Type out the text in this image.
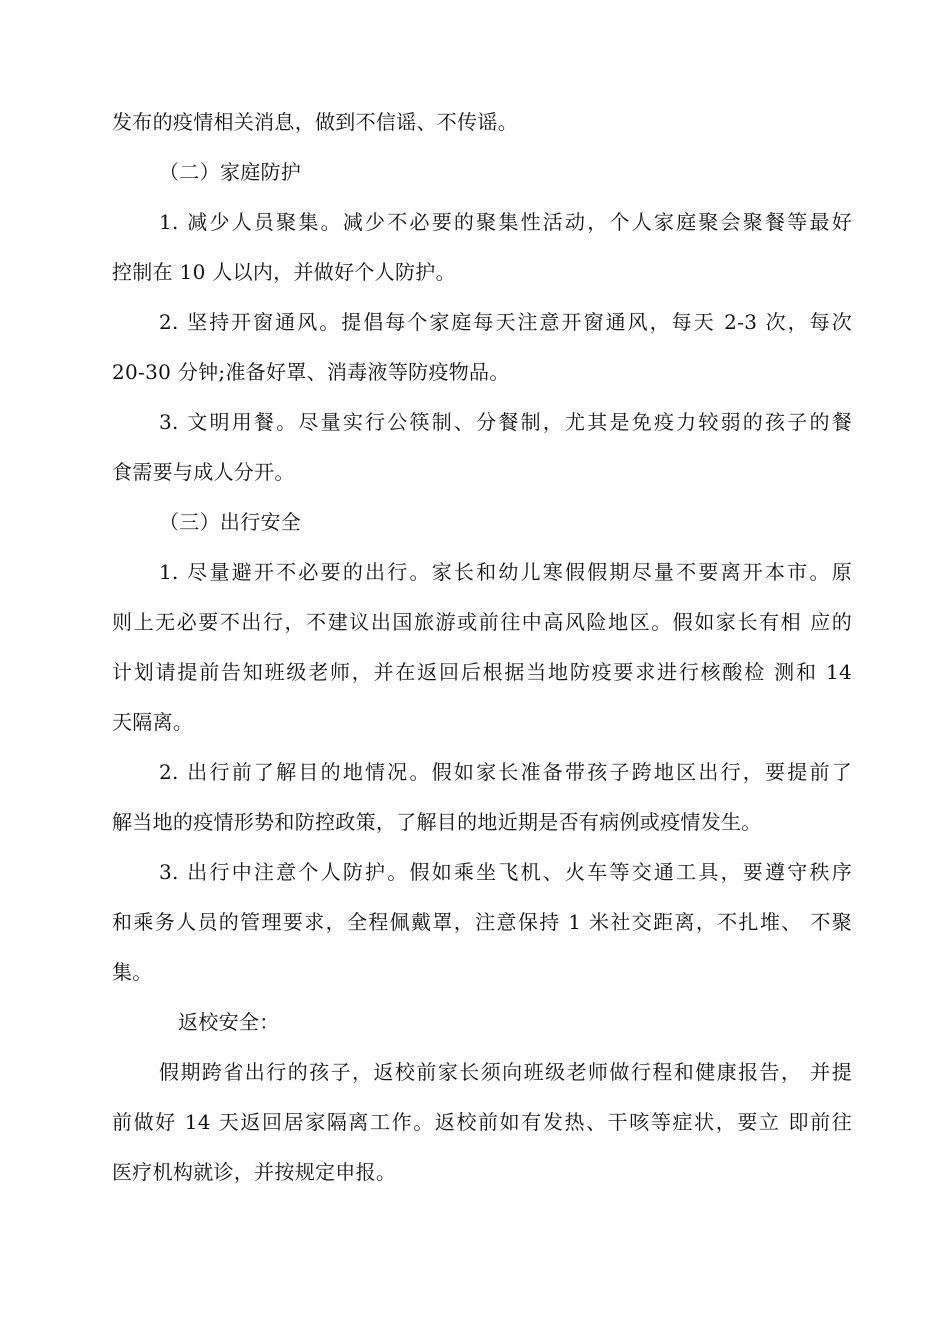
发布的疫情相关消息，做到不信谣、不传谣。
（二）家庭防护
1. 减少人员聚集。减少不必要的聚集性活动，个人家庭聚会聚餐等最好
控制在 10 人以内，并做好个人防护。
2. 坚持开窗通风。提倡每个家庭每天注意开窗通风，每天 2-3 次，每次
20-30 分钟;准备好罩、消毒液等防疫物品。
3. 文明用餐。尽量实行公筷制、分餐制，尤其是免疫力较弱的孩子的餐
食需要与成人分开。
（三）出行安全
1. 尽量避开不必要的出行。家长和幼儿寒假假期尽量不要离开本市。原
则上无必要不出行，不建议出国旅游或前往中高风险地区。假如家长有相 应的
计划请提前告知班级老师，并在返回后根据当地防疫要求进行核酸检 测和 14
天隔离。
2. 出行前了解目的地情况。假如家长准备带孩子跨地区出行，要提前了
解当地的疫情形势和防控政策，了解目的地近期是否有病例或疫情发生。
3. 出行中注意个人防护。假如乘坐飞机、火车等交通工具，要遵守秩序
和乘务人员的管理要求，全程佩戴罩，注意保持 1 米社交距离，不扎堆、 不聚
集。
返校安全：
假期跨省出行的孩子，返校前家长须向班级老师做行程和健康报告， 并提
前做好 14 天返回居家隔离工作。返校前如有发热、干咳等症状，要立 即前往
医疗机构就诊，并按规定申报。
